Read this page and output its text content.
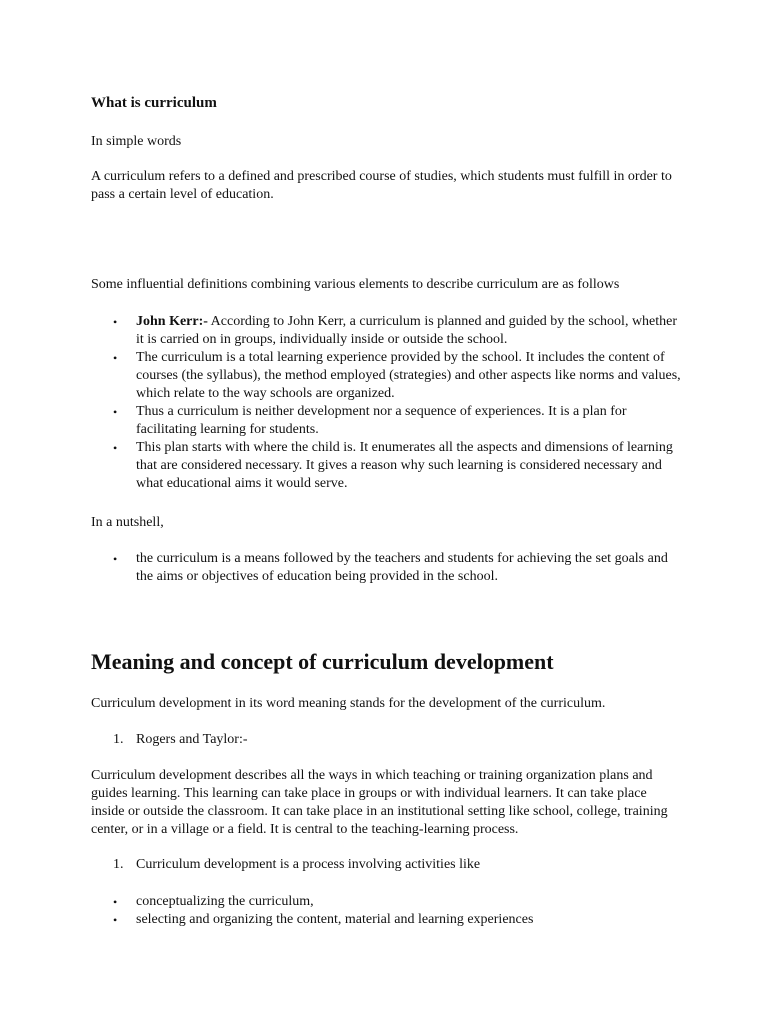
What is curriculum

In simple words

A curriculum refers to a defined and prescribed course of studies, which students must fulfill in order to pass a certain level of education.

Some influential definitions combining various elements to describe curriculum are as follows

• John Kerr:- According to John Kerr, a curriculum is planned and guided by the school, whether it is carried on in groups, individually inside or outside the school.
• The curriculum is a total learning experience provided by the school. It includes the content of courses (the syllabus), the method employed (strategies) and other aspects like norms and values, which relate to the way schools are organized.
• Thus a curriculum is neither development nor a sequence of experiences. It is a plan for facilitating learning for students.
• This plan starts with where the child is. It enumerates all the aspects and dimensions of learning that are considered necessary. It gives a reason why such learning is considered necessary and what educational aims it would serve.

In a nutshell,

• the curriculum is a means followed by the teachers and students for achieving the set goals and the aims or objectives of education being provided in the school.

Meaning and concept of curriculum development

Curriculum development in its word meaning stands for the development of the curriculum.

1. Rogers and Taylor:-

Curriculum development describes all the ways in which teaching or training organization plans and guides learning. This learning can take place in groups or with individual learners. It can take place inside or outside the classroom. It can take place in an institutional setting like school, college, training center, or in a village or a field. It is central to the teaching-learning process.

1. Curriculum development is a process involving activities like
• conceptualizing the curriculum,
• selecting and organizing the content, material and learning experiences
